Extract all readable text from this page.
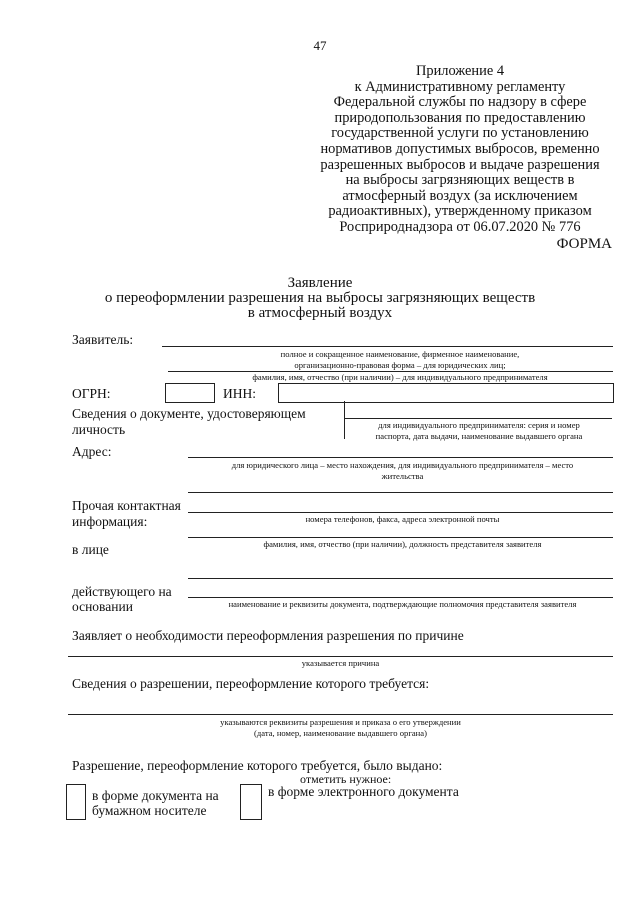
47
Приложение 4
к Административному регламенту
Федеральной службы по надзору в сфере
природопользования по предоставлению
государственной услуги по установлению
нормативов допустимых выбросов, временно
разрешенных выбросов и выдаче разрешения
на выбросы загрязняющих веществ в
атмосферный воздух (за исключением
радиоактивных), утвержденному приказом
Росприроднадзора от 06.07.2020 № 776
ФОРМА
Заявление
о переоформлении разрешения на выбросы загрязняющих веществ
в атмосферный воздух
Заявитель:
полное и сокращенное наименование, фирменное наименование,
организационно-правовая форма – для юридических лиц;
фамилия, имя, отчество (при наличии) – для индивидуального предпринимателя
ОГРН:	ИНН:
Сведения о документе, удостоверяющем
личность	для индивидуального предпринимателя: серия и номер
паспорта, дата выдачи, наименование выдавшего органа
Адрес:
для юридического лица – место нахождения, для индивидуального предпринимателя – место
жительства
Прочая контактная
информация:	номера телефонов, факса, адреса электронной почты
в лице	фамилия, имя, отчество (при наличии), должность представителя заявителя
действующего на
основании	наименование и реквизиты документа, подтверждающие полномочия представителя заявителя
Заявляет о необходимости переоформления разрешения по причине
указывается причина
Сведения о разрешении, переоформление которого требуется:
указываются реквизиты разрешения и приказа о его утверждении
(дата, номер, наименование выдавшего органа)
Разрешение, переоформление которого требуется, было выдано:
отметить нужное:
в форме документа на
бумажном носителе
в форме электронного документа
